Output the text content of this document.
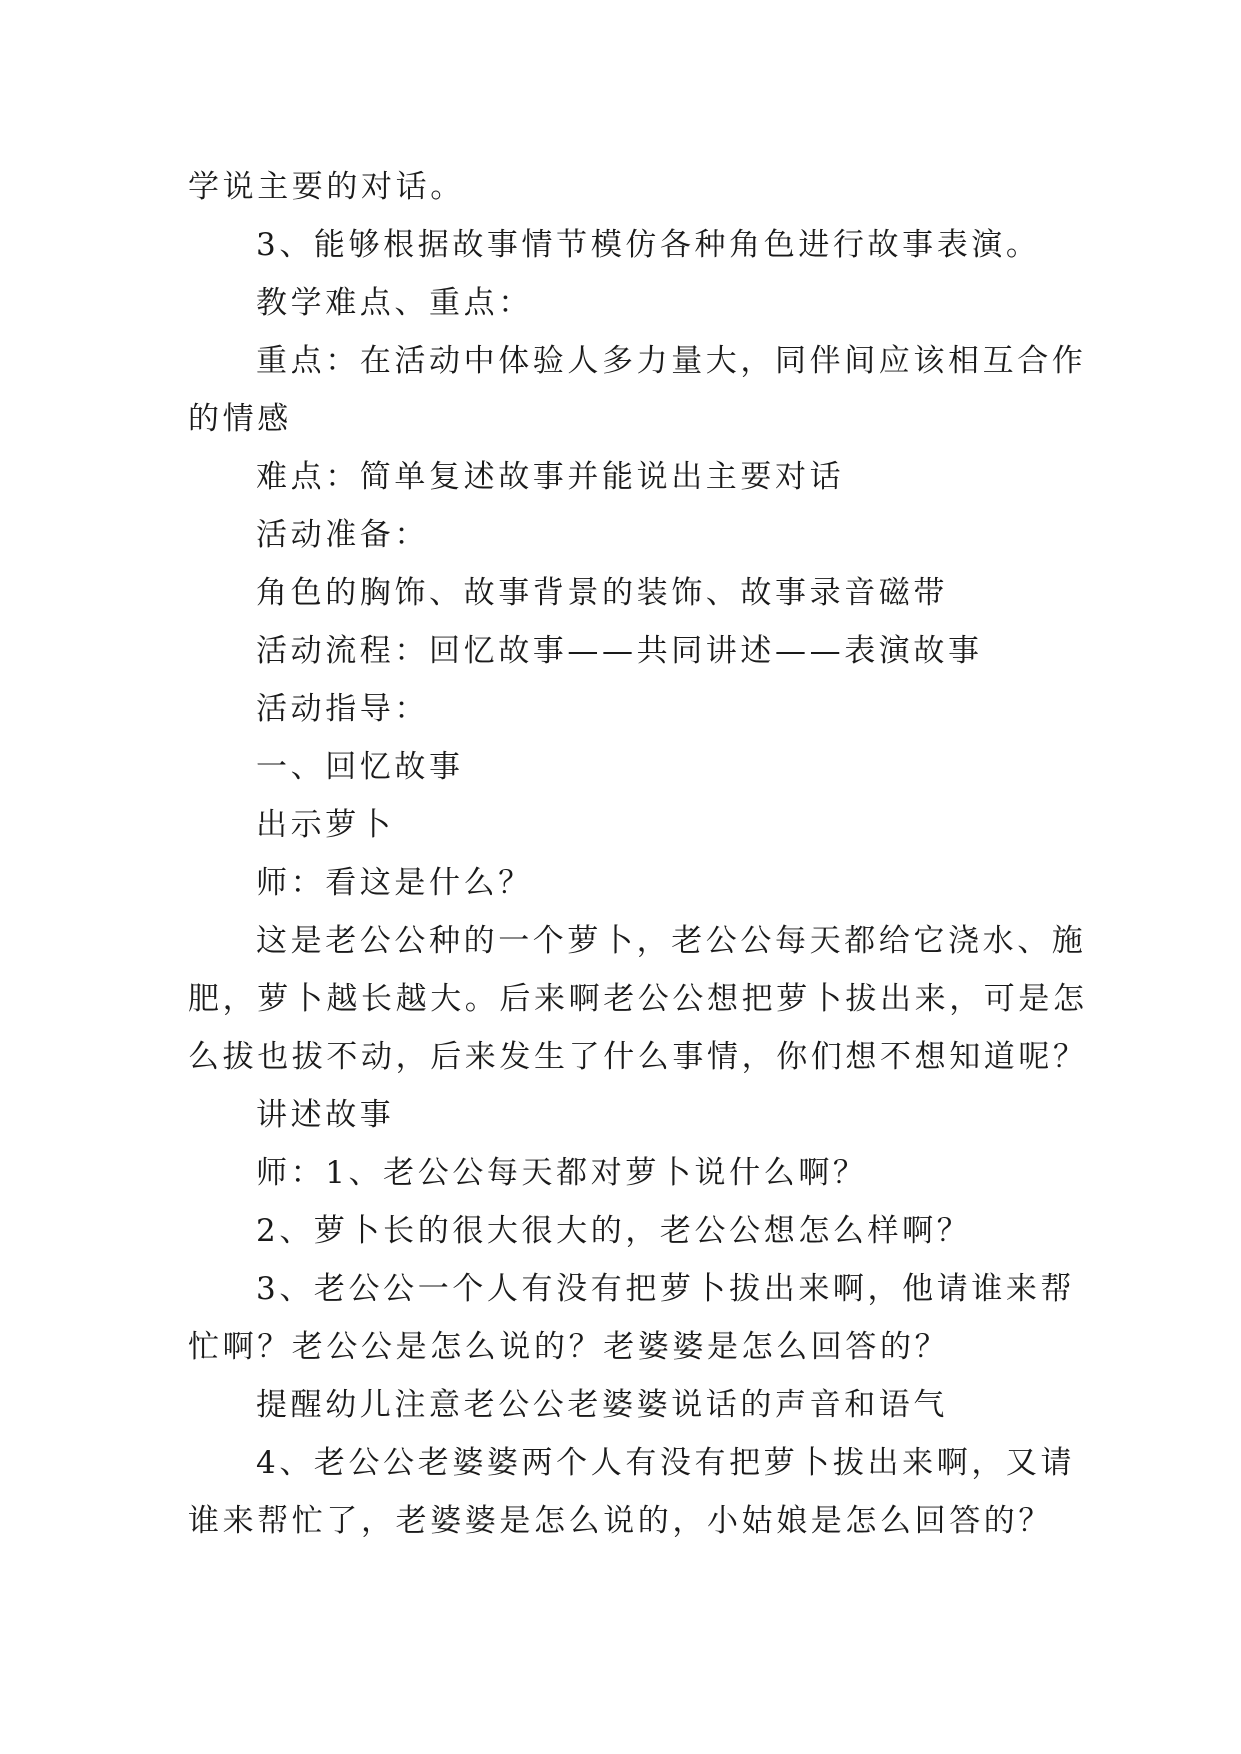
学说主要的对话。
3、能够根据故事情节模仿各种角色进行故事表演。
教学难点、重点：
重点：在活动中体验人多力量大，同伴间应该相互合作
的情感
难点：简单复述故事并能说出主要对话
活动准备：
角色的胸饰、故事背景的装饰、故事录音磁带
活动流程：回忆故事——共同讲述——表演故事
活动指导：
一、回忆故事
出示萝卜
师：看这是什么？
这是老公公种的一个萝卜，老公公每天都给它浇水、施
肥，萝卜越长越大。后来啊老公公想把萝卜拔出来，可是怎
么拔也拔不动，后来发生了什么事情，你们想不想知道呢？
讲述故事
师：1、老公公每天都对萝卜说什么啊？
2、萝卜长的很大很大的，老公公想怎么样啊？
3、老公公一个人有没有把萝卜拔出来啊，他请谁来帮
忙啊？老公公是怎么说的？老婆婆是怎么回答的？
提醒幼儿注意老公公老婆婆说话的声音和语气
4、老公公老婆婆两个人有没有把萝卜拔出来啊，又请
谁来帮忙了，老婆婆是怎么说的，小姑娘是怎么回答的？
